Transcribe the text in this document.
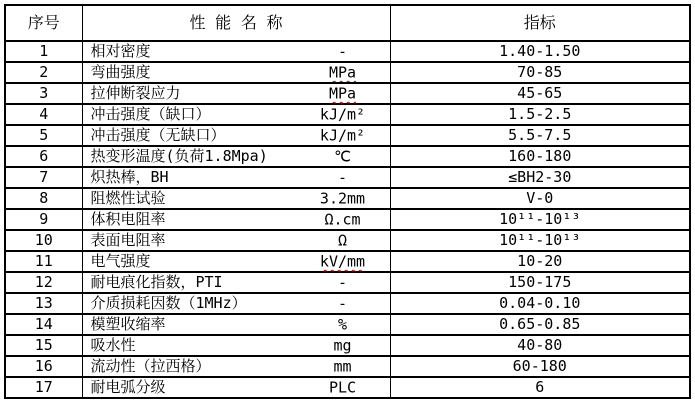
序号	性 能 名 称	指标
1	相对密度 -	1.40-1.50
2	弯曲强度 MPa	70-85
3	拉伸断裂应力 MPa	45-65
4	冲击强度（缺口） kJ/m²	1.5-2.5
5	冲击强度（无缺口） kJ/m²	5.5-7.5
6	热变形温度(负荷1.8Mpa) ℃	160-180
7	炽热棒，BH -	≤BH2-30
8	阻燃性试验 3.2mm	V-0
9	体积电阻率 Ω.cm	10¹¹-10¹³
10	表面电阻率 Ω	10¹¹-10¹³
11	电气强度 kV/mm	10-20
12	耐电痕化指数，PTI -	150-175
13	介质损耗因数（1MHz） -	0.04-0.10
14	模塑收缩率 %	0.65-0.85
15	吸水性 mg	40-80
16	流动性（拉西格） mm	60-180
17	耐电弧分级 PLC	6
